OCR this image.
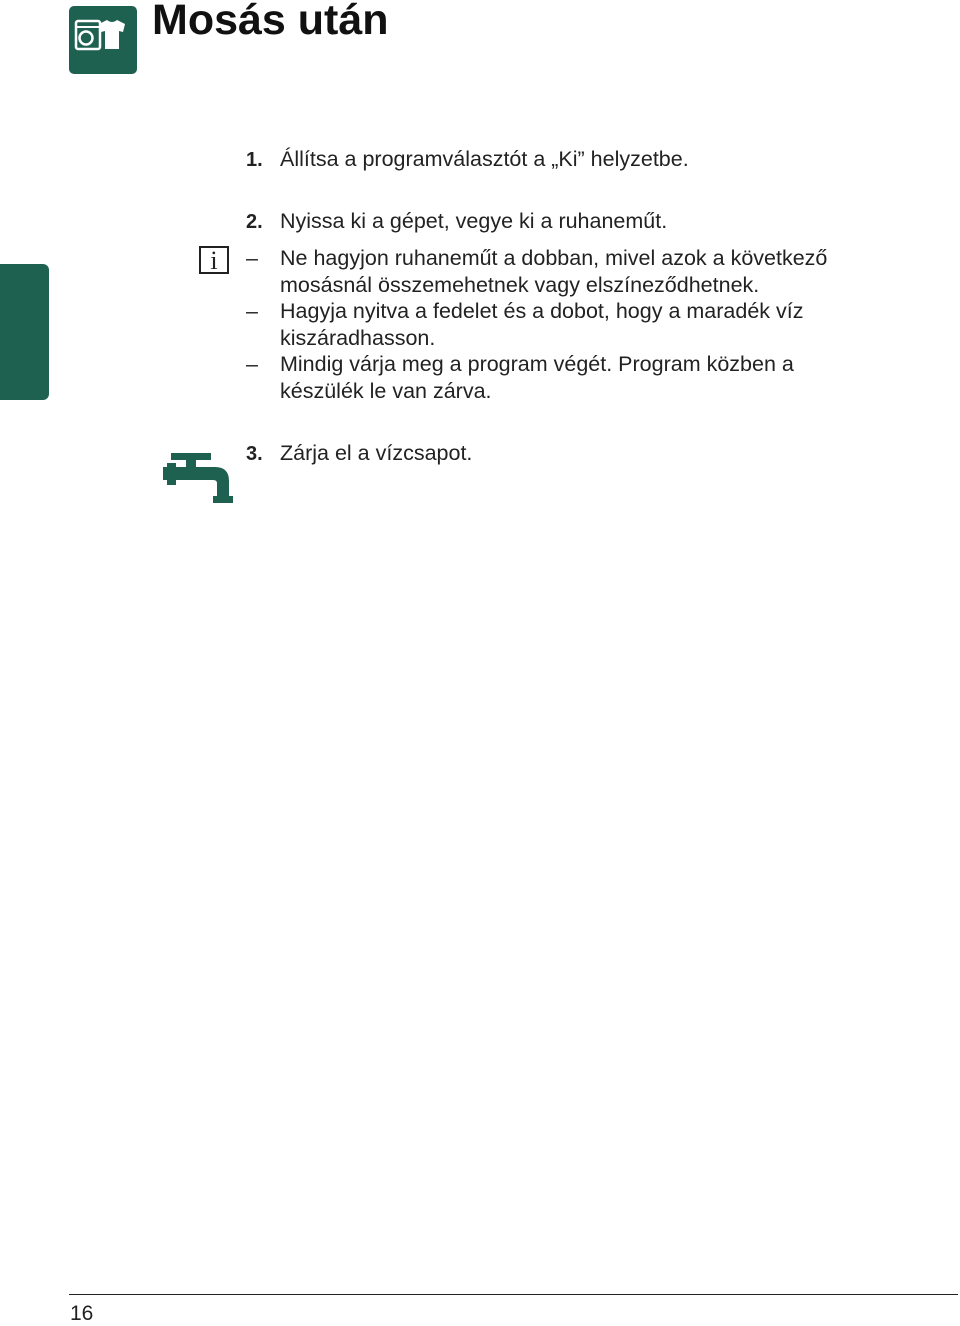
Mosás után
1. Állítsa a programválasztót a „Ki” helyzetbe.
2. Nyissa ki a gépet, vegye ki a ruhaneműt.
i	– Ne hagyjon ruhaneműt a dobban, mivel azok a következő
mosásnál összemehetnek vagy elszíneződhetnek.
– Hagyja nyitva a fedelet és a dobot, hogy a maradék víz
kiszáradhasson.
– Mindig várja meg a program végét. Program közben a
készülék le van zárva.
3. Zárja el a vízcsapot.
16
